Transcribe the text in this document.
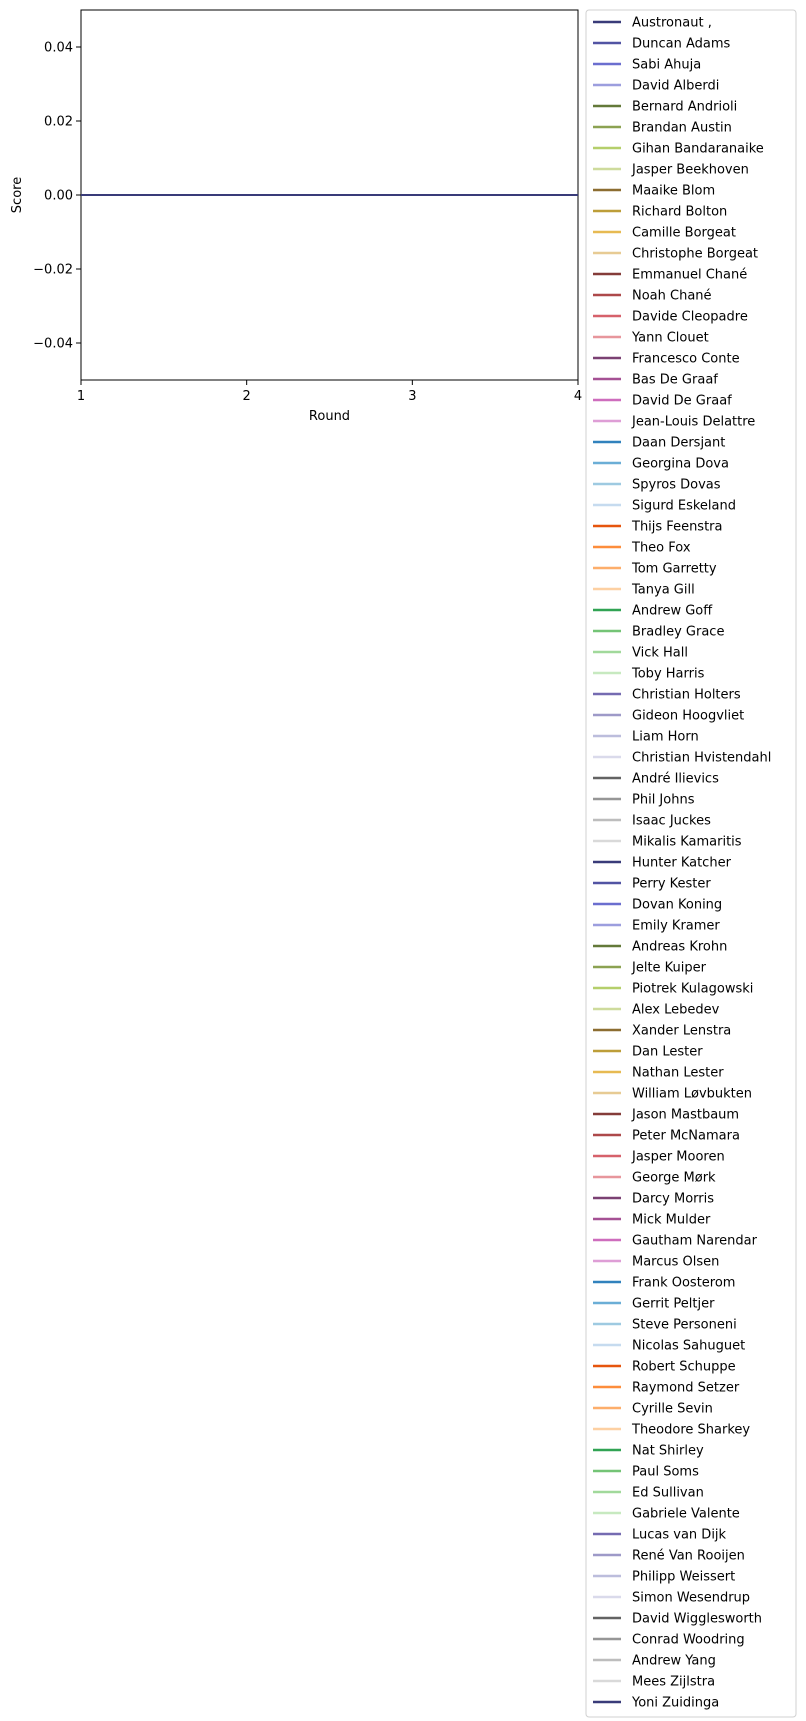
1	2	3	4
0.04
0.02
0.00
−0.02
−0.04
Round
Score
Austronaut ,
Duncan Adams
Sabi Ahuja
David Alberdi
Bernard Andrioli
Brandan Austin
Gihan Bandaranaike
Jasper Beekhoven
Maaike Blom
Richard Bolton
Camille Borgeat
Christophe Borgeat
Emmanuel Chané
Noah Chané
Davide Cleopadre
Yann Clouet
Francesco Conte
Bas De Graaf
David De Graaf
Jean-Louis Delattre
Daan Dersjant
Georgina Dova
Spyros Dovas
Sigurd Eskeland
Thijs Feenstra
Theo Fox
Tom Garretty
Tanya Gill
Andrew Goff
Bradley Grace
Vick Hall
Toby Harris
Christian Holters
Gideon Hoogvliet
Liam Horn
Christian Hvistendahl
André Ilievics
Phil Johns
Isaac Juckes
Mikalis Kamaritis
Hunter Katcher
Perry Kester
Dovan Koning
Emily Kramer
Andreas Krohn
Jelte Kuiper
Piotrek Kulagowski
Alex Lebedev
Xander Lenstra
Dan Lester
Nathan Lester
William Løvbukten
Jason Mastbaum
Peter McNamara
Jasper Mooren
George Mørk
Darcy Morris
Mick Mulder
Gautham Narendar
Marcus Olsen
Frank Oosterom
Gerrit Peltjer
Steve Personeni
Nicolas Sahuguet
Robert Schuppe
Raymond Setzer
Cyrille Sevin
Theodore Sharkey
Nat Shirley
Paul Soms
Ed Sullivan
Gabriele Valente
Lucas van Dijk
René Van Rooijen
Philipp Weissert
Simon Wesendrup
David Wigglesworth
Conrad Woodring
Andrew Yang
Mees Zijlstra
Yoni Zuidinga
